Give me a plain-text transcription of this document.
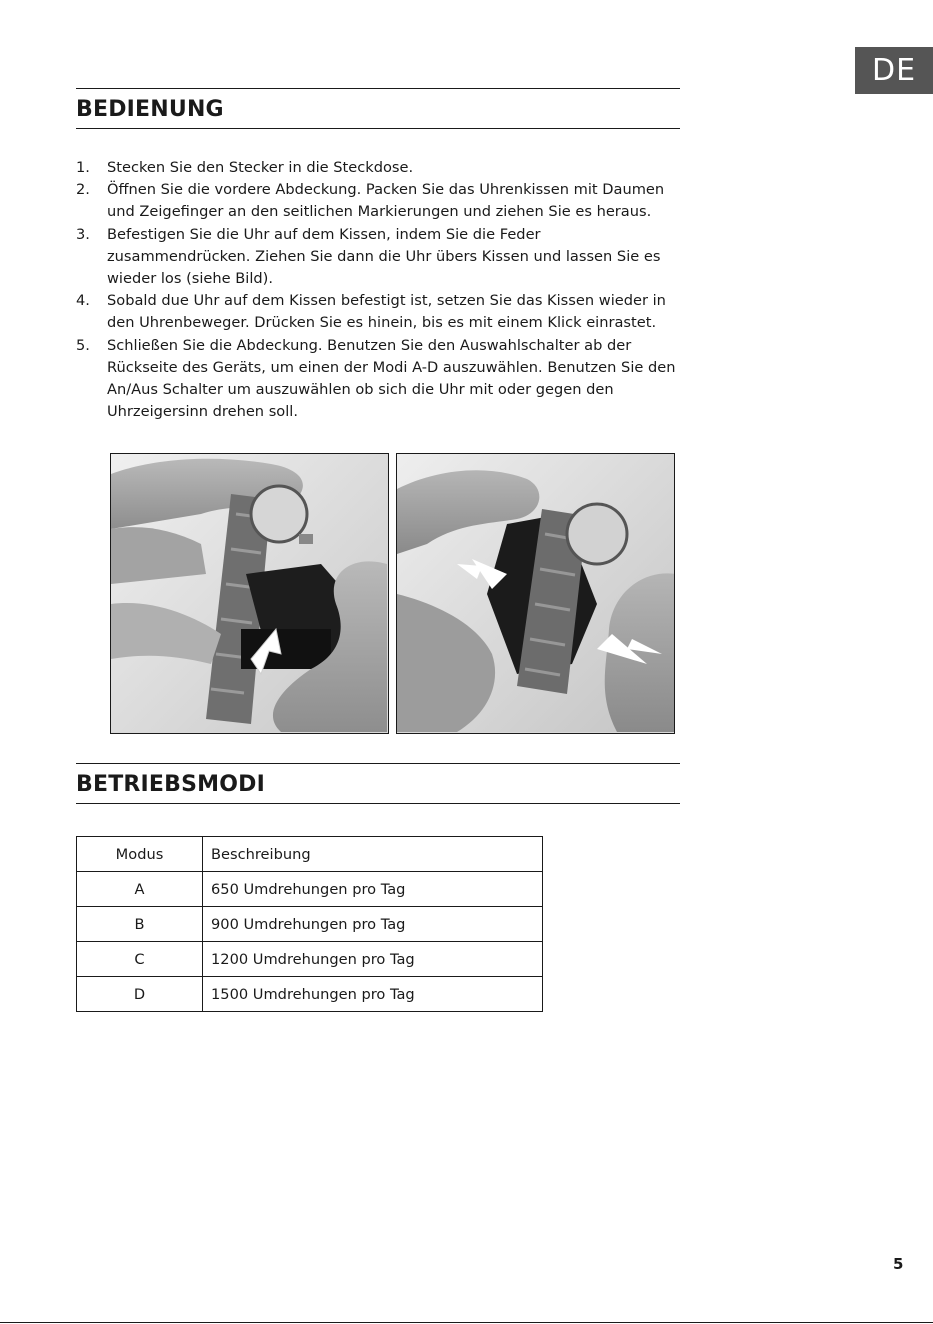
DE
BEDIENUNG
1. Stecken Sie den Stecker in die Steckdose.
2. Öffnen Sie die vordere Abdeckung. Packen Sie das Uhrenkissen mit Daumen und Zeigefinger an den seitlichen Markierungen und ziehen Sie es heraus.
3. Befestigen Sie die Uhr auf dem Kissen, indem Sie die Feder zusammendrücken. Ziehen Sie dann die Uhr übers Kissen und lassen Sie es wieder los (siehe Bild).
4. Sobald due Uhr auf dem Kissen befestigt ist, setzen Sie das Kissen wieder in den Uhrenbeweger. Drücken Sie es hinein, bis es mit einem Klick einrastet.
5. Schließen Sie die Abdeckung. Benutzen Sie den Auswahlschalter ab der Rückseite des Geräts, um einen der Modi A-D auszuwählen. Benutzen Sie den An/Aus Schalter um auszuwählen ob sich die Uhr mit oder gegen den Uhrzeigersinn drehen soll.
BETRIEBSMODI
Modus	Beschreibung
A	650 Umdrehungen pro Tag
B	900 Umdrehungen pro Tag
C	1200 Umdrehungen pro Tag
D	1500 Umdrehungen pro Tag
5
